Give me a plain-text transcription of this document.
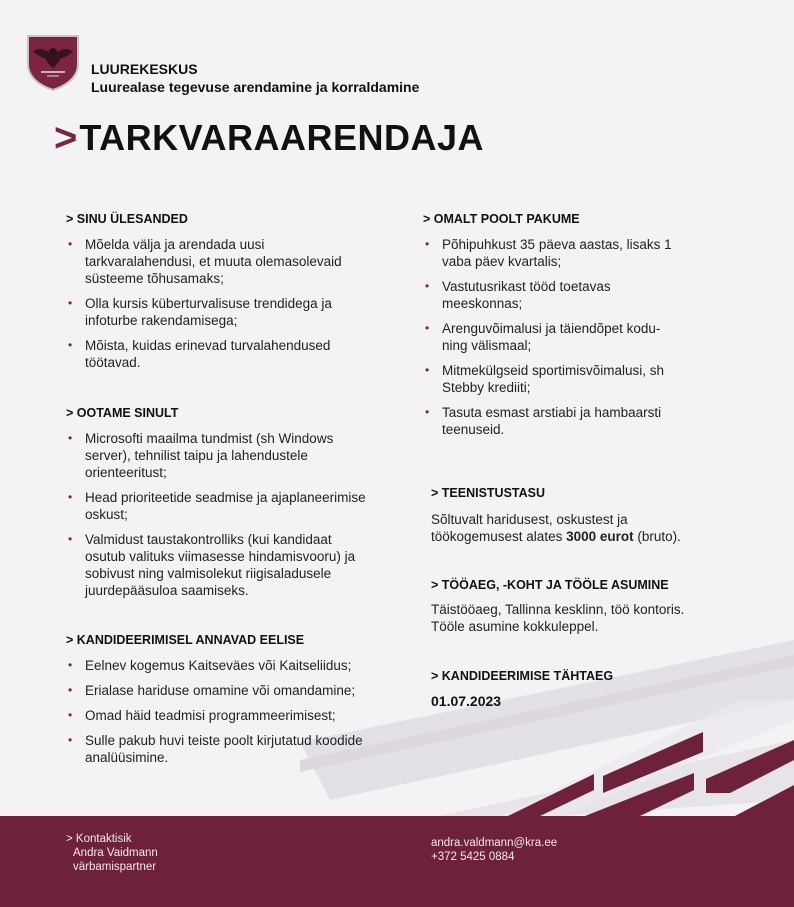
LUUREKESKUS
Luurealase tegevuse arendamine ja korraldamine
> TARKVARAARENDAJA
> SINU ÜLESANDED
• Mõelda välja ja arendada uusi tarkvaralahendusi, et muuta olemasolevaid süsteeme tõhusamaks;
• Olla kursis küberturvalisuse trendidega ja infoturbe rakendamisega;
• Mõista, kuidas erinevad turvalahendused töötavad.
> OOTAME SINULT
• Microsofti maailma tundmist (sh Windows server), tehnilist taipu ja lahendustele orienteeritust;
• Head prioriteetide seadmise ja ajaplaneerimise oskust;
• Valmidust taustakontrolliks (kui kandidaat osutub valituks viimasesse hindamisvooru) ja sobivust ning valmisolekut riigisaladusele juurdepääsuloa saamiseks.
> KANDIDEERIMISEL ANNAVAD EELISE
• Eelnev kogemus Kaitseväes või Kaitseliidus;
• Erialase hariduse omamine või omandamine;
• Omad häid teadmisi programmeerimisest;
• Sulle pakub huvi teiste poolt kirjutatud koodide analüüsimine.
> OMALT POOLT PAKUME
• Põhipuhkust 35 päeva aastas, lisaks 1 vaba päev kvartalis;
• Vastutusrikast tööd toetavas meeskonnas;
• Arenguvõimalusi ja täiendõpet kodu- ning välismaal;
• Mitmekülgseid sportimisvõimalusi, sh Stebby krediiti;
• Tasuta esmast arstiabi ja hambaarsti teenuseid.
> TEENISTUSTASU
Sõltuvalt haridusest, oskustest ja töökogemusest alates 3000 eurot (bruto).
> TÖÖAEG, -KOHT JA TÖÖLE ASUMINE
Täistööaeg, Tallinna kesklinn, töö kontoris.
Tööle asumine kokkuleppel.
> KANDIDEERIMISE TÄHTAEG
01.07.2023
> Kontaktisik
Andra Vaidmann
värbamispartner
andra.valdmann@kra.ee
+372 5425 0884
